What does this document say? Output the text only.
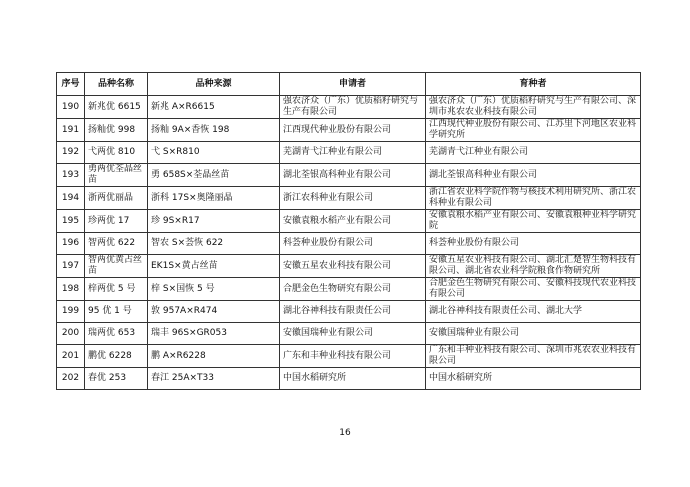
序号	品种名称	品种来源	申请者	育种者
190	新兆优 6615	新兆 A×R6615	强农济众（广东）优质稻籽研究与生产有限公司	强农济众（广东）优质稻籽研究与生产有限公司、深圳市兆农农业科技有限公司
191	扬籼优 998	扬籼 9A×香恢 198	江西现代种业股份有限公司	江西现代种业股份有限公司、江苏里下河地区农业科学研究所
192	弋两优 810	弋 S×R810	芜湖青弋江种业有限公司	芜湖青弋江种业有限公司
193	勇两优荃晶丝苗	勇 658S×荃晶丝苗	湖北荃银高科种业有限公司	湖北荃银高科种业有限公司
194	浙两优丽晶	浙科 17S×奥隆丽晶	浙江农科种业有限公司	浙江省农业科学院作物与核技术利用研究所、浙江农科种业有限公司
195	珍两优 17	珍 9S×R17	安徽袁粮水稻产业有限公司	安徽袁粮水稻产业有限公司、安徽袁粮种业科学研究院
196	智两优 622	智农 S×荟恢 622	科荟种业股份有限公司	科荟种业股份有限公司
197	智两优黄占丝苗	EK1S×黄占丝苗	安徽五星农业科技有限公司	安徽五星农业科技有限公司、湖北汇楚智生物科技有限公司、湖北省农业科学院粮食作物研究所
198	梓两优 5 号	梓 S×国恢 5 号	合肥金色生物研究有限公司	合肥金色生物研究有限公司、安徽科技现代农业科技有限公司
199	95 优 1 号	敦 957A×R474	湖北谷神科技有限责任公司	湖北谷神科技有限责任公司、湖北大学
200	瑞两优 653	瑞丰 96S×GR053	安徽国瑞种业有限公司	安徽国瑞种业有限公司
201	鹏优 6228	鹏 A×R6228	广东和丰种业科技有限公司	广东和丰种业科技有限公司、深圳市兆农农业科技有限公司
202	春优 253	春江 25A×T33	中国水稻研究所	中国水稻研究所
16
